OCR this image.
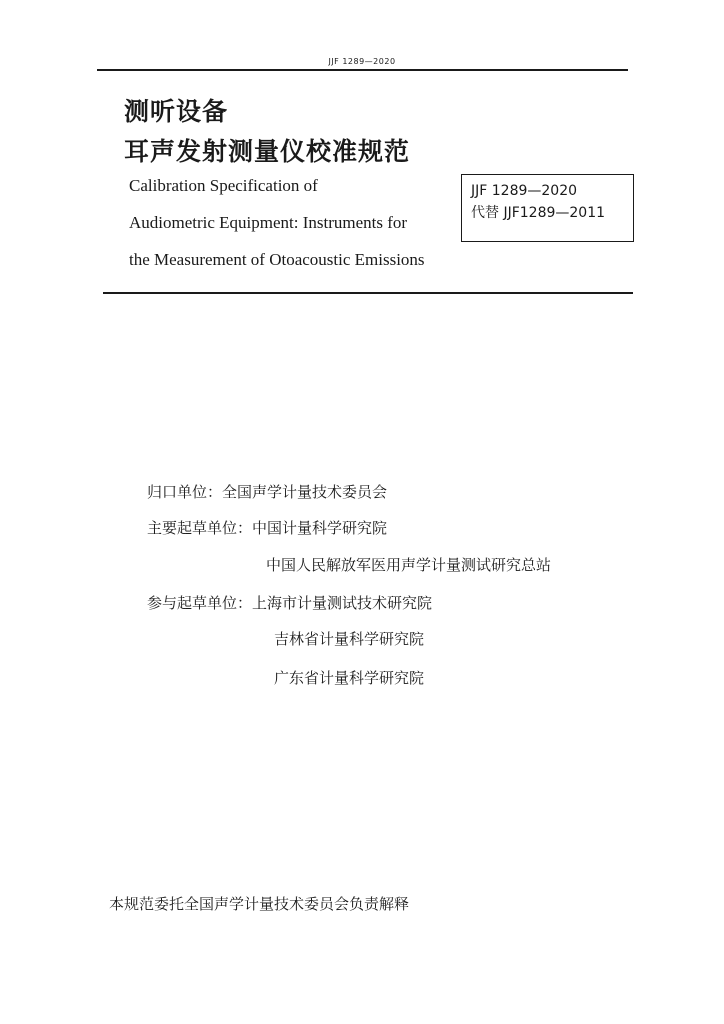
JJF 1289—2020
测听设备
耳声发射测量仪校准规范
Calibration Specification of
Audiometric Equipment: Instruments for
the Measurement of Otoacoustic Emissions
JJF 1289—2020
代替 JJF1289—2011
归口单位：全国声学计量技术委员会
主要起草单位：中国计量科学研究院
中国人民解放军医用声学计量测试研究总站
参与起草单位：上海市计量测试技术研究院
吉林省计量科学研究院
广东省计量科学研究院
本规范委托全国声学计量技术委员会负责解释
